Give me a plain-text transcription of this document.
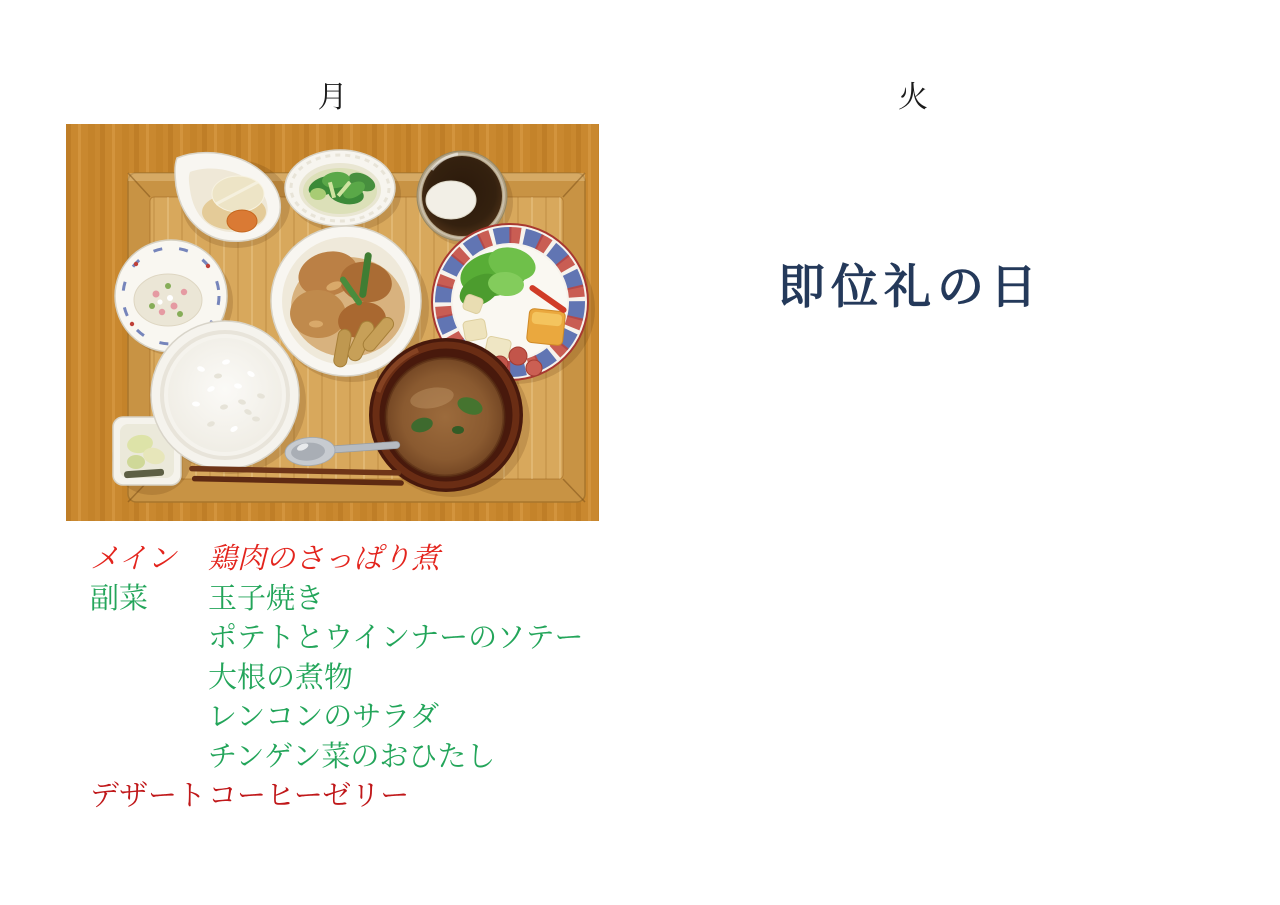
月	火
メイン	鶏肉のさっぱり煮
副菜	玉子焼き
ポテトとウインナーのソテー
大根の煮物
レンコンのサラダ
チンゲン菜のおひたし
デザート コーヒーゼリー
即位礼の日
